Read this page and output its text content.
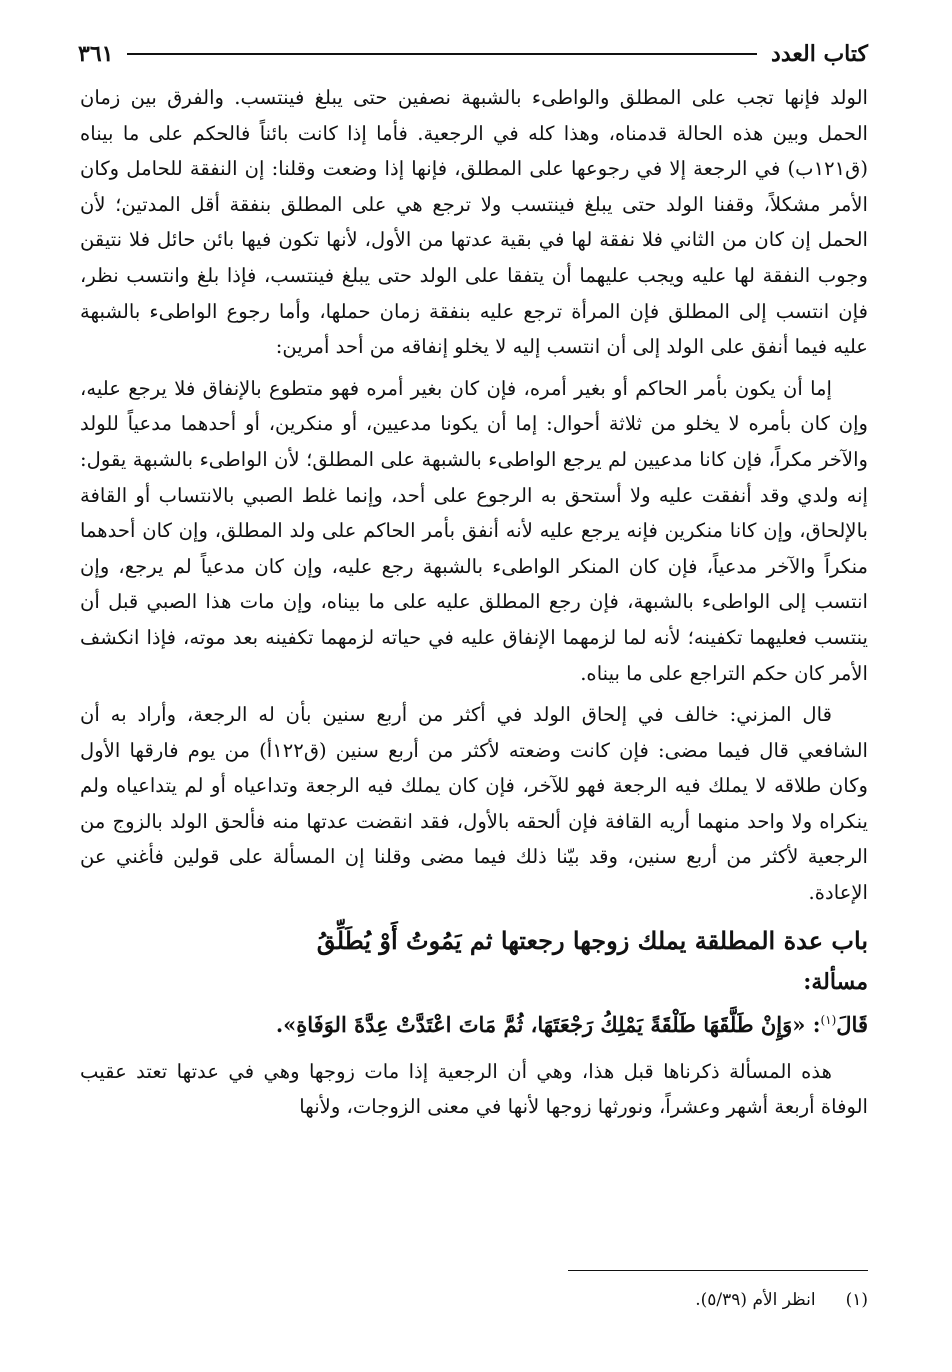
كتاب العدد
٣٦١

الولد فإنها تجب على المطلق والواطىء بالشبهة نصفين حتى يبلغ فينتسب. والفرق بين زمان الحمل وبين هذه الحالة قدمناه، وهذا كله في الرجعية. فأما إذا كانت بائناً فالحكم على ما بيناه (ق١٢١ب) في الرجعة إلا في رجوعها على المطلق، فإنها إذا وضعت وقلنا: إن النفقة للحامل وكان الأمر مشكلاً، وقفنا الولد حتى يبلغ فينتسب ولا ترجع هي على المطلق بنفقة أقل المدتين؛ لأن الحمل إن كان من الثاني فلا نفقة لها في بقية عدتها من الأول، لأنها تكون فيها بائن حائل فلا نتيقن وجوب النفقة لها عليه ويجب عليهما أن يتفقا على الولد حتى يبلغ فينتسب، فإذا بلغ وانتسب نظر، فإن انتسب إلى المطلق فإن المرأة ترجع عليه بنفقة زمان حملها، وأما رجوع الواطىء بالشبهة عليه فيما أنفق على الولد إلى أن انتسب إليه لا يخلو إنفاقه من أحد أمرين:

إما أن يكون بأمر الحاكم أو بغير أمره، فإن كان بغير أمره فهو متطوع بالإنفاق فلا يرجع عليه، وإن كان بأمره لا يخلو من ثلاثة أحوال: إما أن يكونا مدعيين، أو منكرين، أو أحدهما مدعياً للولد والآخر مكراً، فإن كانا مدعيين لم يرجع الواطىء بالشبهة على المطلق؛ لأن الواطىء بالشبهة يقول: إنه ولدي وقد أنفقت عليه ولا أستحق به الرجوع على أحد، وإنما غلط الصبي بالانتساب أو القافة بالإلحاق، وإن كانا منكرين فإنه يرجع عليه لأنه أنفق بأمر الحاكم على ولد المطلق، وإن كان أحدهما منكراً والآخر مدعياً، فإن كان المنكر الواطىء بالشبهة رجع عليه، وإن كان مدعياً لم يرجع، وإن انتسب إلى الواطىء بالشبهة، فإن رجع المطلق عليه على ما بيناه، وإن مات هذا الصبي قبل أن ينتسب فعليهما تكفينه؛ لأنه لما لزمهما الإنفاق عليه في حياته لزمهما تكفينه بعد موته، فإذا انكشف الأمر كان حكم التراجع على ما بيناه.

قال المزني: خالف في إلحاق الولد في أكثر من أربع سنين بأن له الرجعة، وأراد به أن الشافعي قال فيما مضى: فإن كانت وضعته لأكثر من أربع سنين (ق١٢٢أ) من يوم فارقها الأول وكان طلاقه لا يملك فيه الرجعة فهو للآخر، فإن كان يملك فيه الرجعة وتداعياه أو لم يتداعياه ولم ينكراه ولا واحد منهما أريه القافة فإن ألحقه بالأول، فقد انقضت عدتها منه فألحق الولد بالزوج من الرجعية لأكثر من أربع سنين، وقد بيّنا ذلك فيما مضى وقلنا إن المسألة على قولين فأغني عن الإعادة.

باب عدة المطلقة يملك زوجها رجعتها ثم يَمُوتُ أَوْ يُطَلِّقُ
مسألة:
قَالَ$^{(١)}$: «وَإِنْ طَلَّقَهَا طَلْقَةً يَمْلِكُ رَجْعَتَهَا، ثُمَّ مَاتَ اعْتَدَّتْ عِدَّةَ الوَفَاةِ».

هذه المسألة ذكرناها قبل هذا، وهي أن الرجعية إذا مات زوجها وهي في عدتها تعتد عقيب الوفاة أربعة أشهر وعشراً، ونورثها زوجها لأنها في معنى الزوجات، ولأنها

(١)
انظر الأم (٥/٣٩).
